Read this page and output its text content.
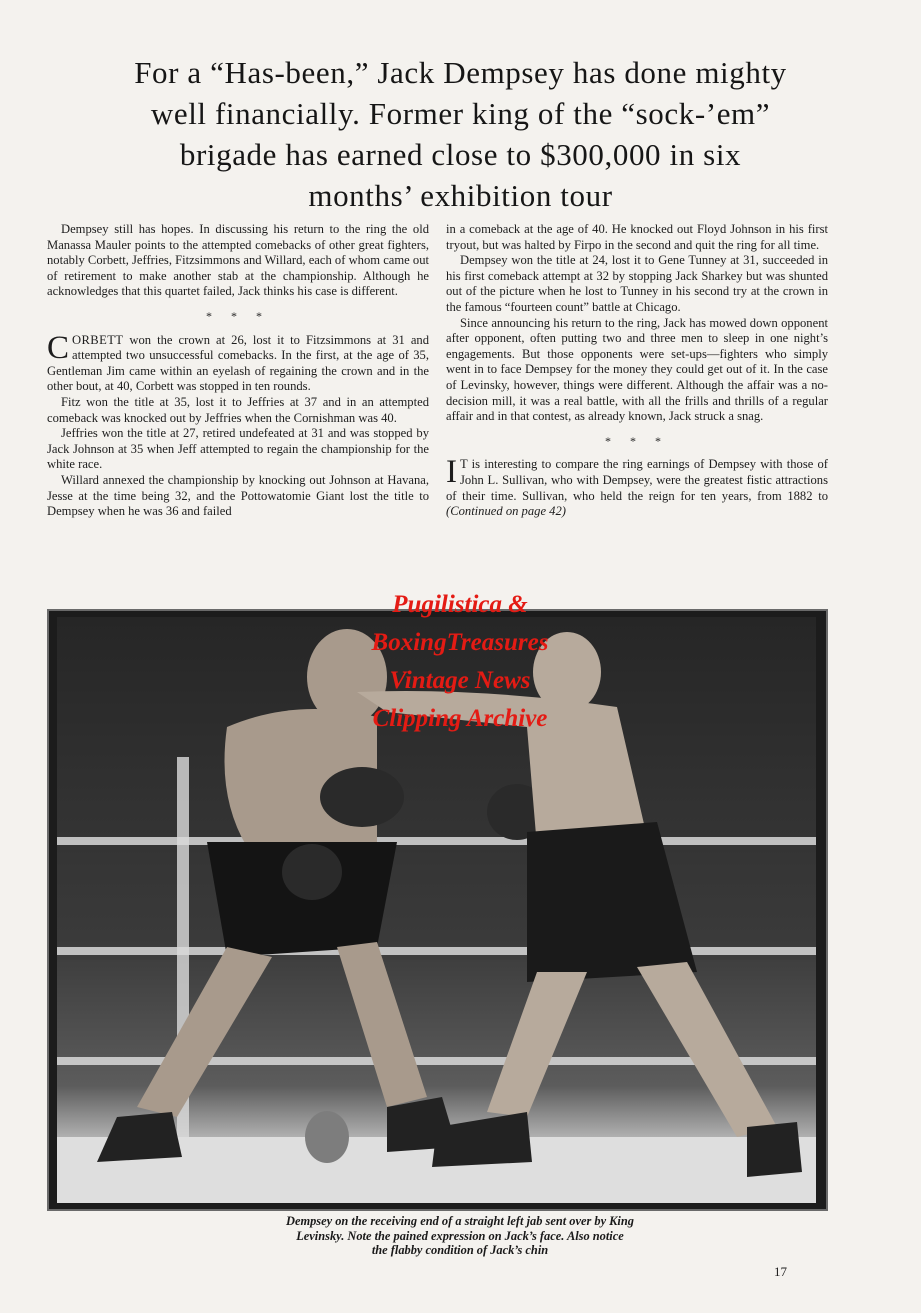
For a “Has-been,” Jack Dempsey has done mighty
well financially. Former king of the “sock-’em”
brigade has earned close to $300,000 in six
months’ exhibition tour

Dempsey still has hopes. In discussing his return to the ring the old Manassa Mauler points to the attempted comebacks of other great fighters, notably Corbett, Jeffries, Fitzsimmons and Willard, each of whom came out of retirement to make another stab at the championship. Although he acknowledges that this quartet failed, Jack thinks his case is different.

* * *

CORBETT won the crown at 26, lost it to Fitzsimmons at 31 and attempted two unsuccessful comebacks. In the first, at the age of 35, Gentleman Jim came within an eyelash of regaining the crown and in the other bout, at 40, Corbett was stopped in ten rounds.

Fitz won the title at 35, lost it to Jeffries at 37 and in an attempted comeback was knocked out by Jeffries when the Cornishman was 40.

Jeffries won the title at 27, retired undefeated at 31 and was stopped by Jack Johnson at 35 when Jeff attempted to regain the championship for the white race.

Willard annexed the championship by knocking out Johnson at Havana, Jesse at the time being 32, and the Pottowatomie Giant lost the title to Dempsey when he was 36 and failed

in a comeback at the age of 40. He knocked out Floyd Johnson in his first tryout, but was halted by Firpo in the second and quit the ring for all time.

Dempsey won the title at 24, lost it to Gene Tunney at 31, succeeded in his first comeback attempt at 32 by stopping Jack Sharkey but was shunted out of the picture when he lost to Tunney in his second try at the crown in the famous “fourteen count” battle at Chicago.

Since announcing his return to the ring, Jack has mowed down opponent after opponent, often putting two and three men to sleep in one night’s engagements. But those opponents were set-ups—fighters who simply went in to face Dempsey for the money they could get out of it. In the case of Levinsky, however, things were different. Although the affair was a no-decision mill, it was a real battle, with all the frills and thrills of a regular affair and in that contest, as already known, Jack struck a snag.

* * *

I T is interesting to compare the ring earnings of Dempsey with those of John L. Sullivan, who with Dempsey, were the greatest fistic attractions of their time. Sullivan, who held the reign for ten years, from 1882 to (Continued on page 42)

Pugilistica &
BoxingTreasures
Vintage News
Clipping Archive
Dempsey on the receiving end of a straight left jab sent over by King
Levinsky. Note the pained expression on Jack’s face. Also notice
the flabby condition of Jack’s chin
17
